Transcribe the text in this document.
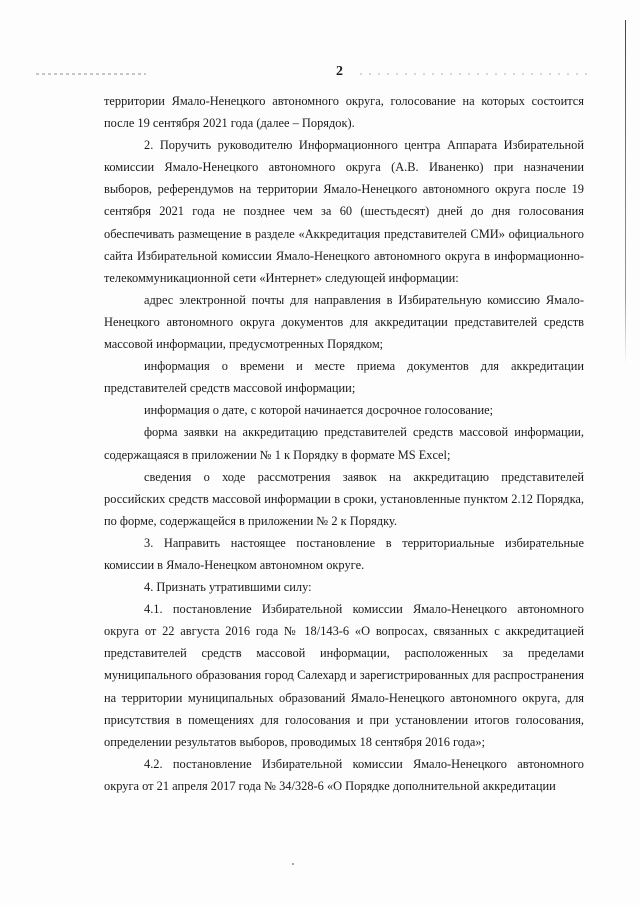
2

территории Ямало-Ненецкого автономного округа, голосование на которых состоится после 19 сентября 2021 года (далее – Порядок).

2. Поручить руководителю Информационного центра Аппарата Избирательной комиссии Ямало-Ненецкого автономного округа (А.В. Иваненко) при назначении выборов, референдумов на территории Ямало-Ненецкого автономного округа после 19 сентября 2021 года не позднее чем за 60 (шестьдесят) дней до дня голосования обеспечивать размещение в разделе «Аккредитация представителей СМИ» официального сайта Избирательной комиссии Ямало-Ненецкого автономного округа в информационно-телекоммуникационной сети «Интернет» следующей информации:

адрес электронной почты для направления в Избирательную комиссию Ямало-Ненецкого автономного округа документов для аккредитации представителей средств массовой информации, предусмотренных Порядком;

информация о времени и месте приема документов для аккредитации представителей средств массовой информации;

информация о дате, с которой начинается досрочное голосование;

форма заявки на аккредитацию представителей средств массовой информации, содержащаяся в приложении № 1 к Порядку в формате MS Excel;

сведения о ходе рассмотрения заявок на аккредитацию представителей российских средств массовой информации в сроки, установленные пунктом 2.12 Порядка, по форме, содержащейся в приложении № 2 к Порядку.

3. Направить настоящее постановление в территориальные избирательные комиссии в Ямало-Ненецком автономном округе.

4. Признать утратившими силу:

4.1. постановление Избирательной комиссии Ямало-Ненецкого автономного округа от 22 августа 2016 года № 18/143-6 «О вопросах, связанных с аккредитацией представителей средств массовой информации, расположенных за пределами муниципального образования город Салехард и зарегистрированных для распространения на территории муниципальных образований Ямало-Ненецкого автономного округа, для присутствия в помещениях для голосования и при установлении итогов голосования, определении результатов выборов, проводимых 18 сентября 2016 года»;

4.2. постановление Избирательной комиссии Ямало-Ненецкого автономного округа от 21 апреля 2017 года № 34/328-6 «О Порядке дополнительной аккредитации
